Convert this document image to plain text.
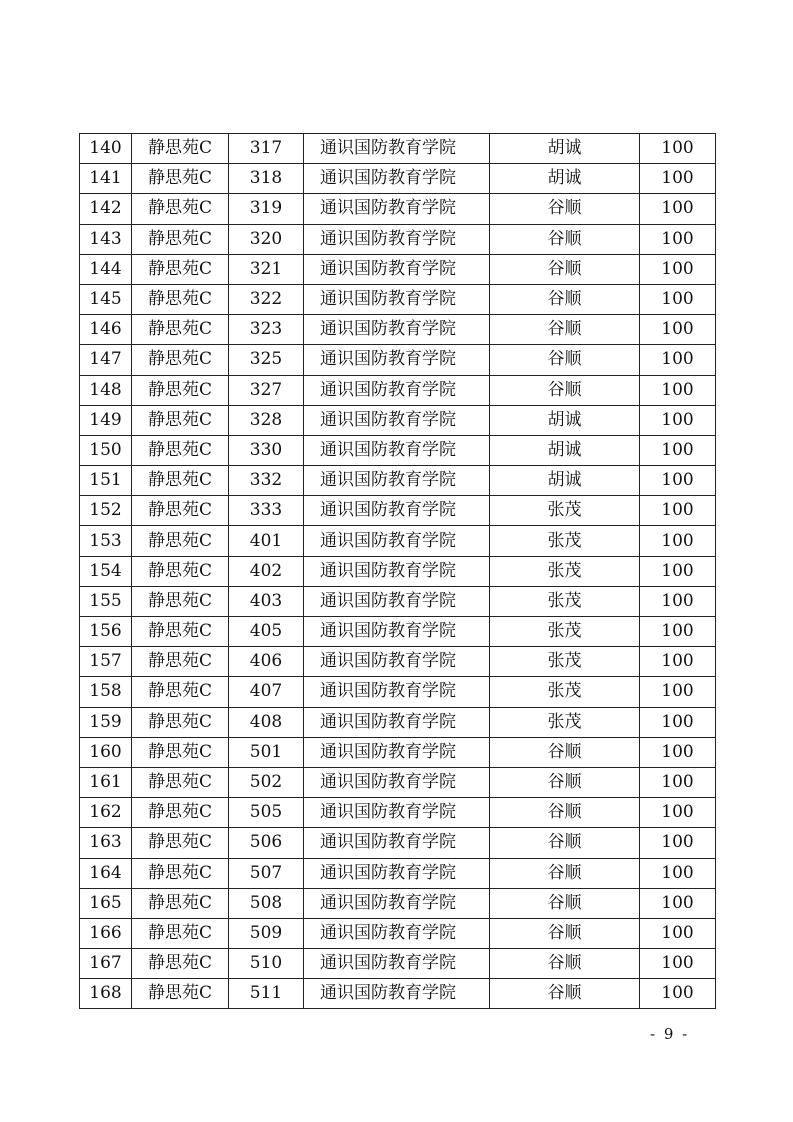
140	静思苑C	317	通识国防教育学院	胡诚	100
141	静思苑C	318	通识国防教育学院	胡诚	100
142	静思苑C	319	通识国防教育学院	谷顺	100
143	静思苑C	320	通识国防教育学院	谷顺	100
144	静思苑C	321	通识国防教育学院	谷顺	100
145	静思苑C	322	通识国防教育学院	谷顺	100
146	静思苑C	323	通识国防教育学院	谷顺	100
147	静思苑C	325	通识国防教育学院	谷顺	100
148	静思苑C	327	通识国防教育学院	谷顺	100
149	静思苑C	328	通识国防教育学院	胡诚	100
150	静思苑C	330	通识国防教育学院	胡诚	100
151	静思苑C	332	通识国防教育学院	胡诚	100
152	静思苑C	333	通识国防教育学院	张茂	100
153	静思苑C	401	通识国防教育学院	张茂	100
154	静思苑C	402	通识国防教育学院	张茂	100
155	静思苑C	403	通识国防教育学院	张茂	100
156	静思苑C	405	通识国防教育学院	张茂	100
157	静思苑C	406	通识国防教育学院	张茂	100
158	静思苑C	407	通识国防教育学院	张茂	100
159	静思苑C	408	通识国防教育学院	张茂	100
160	静思苑C	501	通识国防教育学院	谷顺	100
161	静思苑C	502	通识国防教育学院	谷顺	100
162	静思苑C	505	通识国防教育学院	谷顺	100
163	静思苑C	506	通识国防教育学院	谷顺	100
164	静思苑C	507	通识国防教育学院	谷顺	100
165	静思苑C	508	通识国防教育学院	谷顺	100
166	静思苑C	509	通识国防教育学院	谷顺	100
167	静思苑C	510	通识国防教育学院	谷顺	100
168	静思苑C	511	通识国防教育学院	谷顺	100
- 9 -
